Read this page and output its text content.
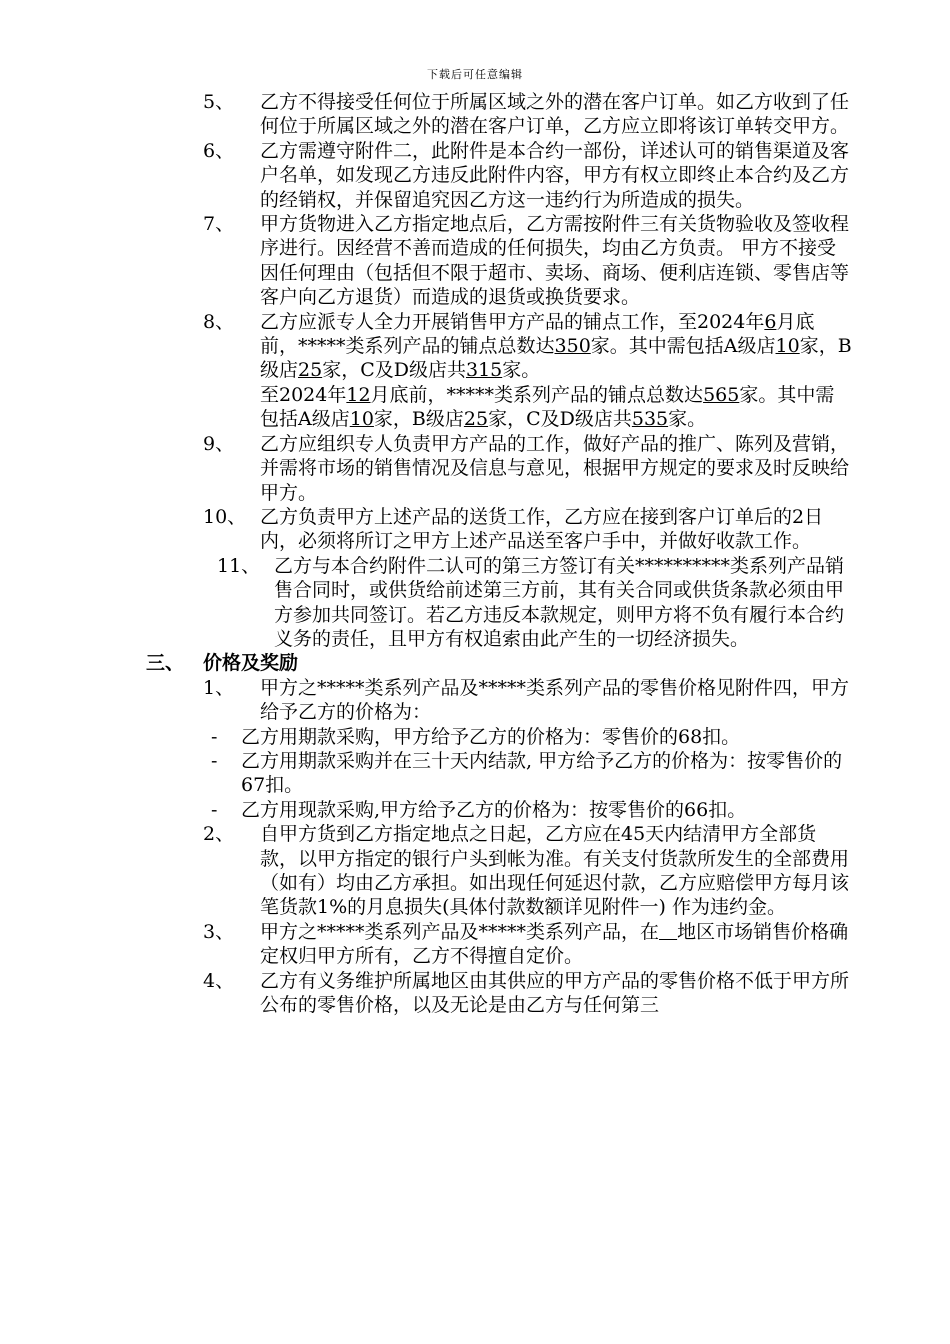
下载后可任意编辑
5、 乙方不得接受任何位于所属区域之外的潜在客户订单。如乙方收到了任何位于所属区域之外的潜在客户订单，乙方应立即将该订单转交甲方。

6、 乙方需遵守附件二，此附件是本合约一部份，详述认可的销售渠道及客户名单，如发现乙方违反此附件内容，甲方有权立即终止本合约及乙方的经销权，并保留追究因乙方这一违约行为所造成的损失。

7、 甲方货物进入乙方指定地点后，乙方需按附件三有关货物验收及签收程序进行。因经营不善而造成的任何损失，均由乙方负责。 甲方不接受因任何理由（包括但不限于超市、卖场、商场、便利店连锁、零售店等客户向乙方退货）而造成的退货或换货要求。

8、 乙方应派专人全力开展销售甲方产品的铺点工作，至2024年6月底前，*****类系列产品的铺点总数达350家。其中需包括A级店10家，B级店25家，C及D级店共315家。

至2024年12月底前，*****类系列产品的铺点总数达565家。其中需包括A级店10家，B级店25家，C及D级店共535家。

9、 乙方应组织专人负责甲方产品的工作，做好产品的推广、陈列及营销，并需将市场的销售情况及信息与意见，根据甲方规定的要求及时反映给甲方。

10、 乙方负责甲方上述产品的送货工作，乙方应在接到客户订单后的2日内，必须将所订之甲方上述产品送至客户手中，并做好收款工作。

11、 乙方与本合约附件二认可的第三方签订有关**********类系列产品销售合同时，或供货给前述第三方前，其有关合同或供货条款必须由甲方参加共同签订。若乙方违反本款规定，则甲方将不负有履行本合约义务的责任，且甲方有权追索由此产生的一切经济损失。

三、 价格及奖励

1、 甲方之*****类系列产品及*****类系列产品的零售价格见附件四，甲方给予乙方的价格为：

- 乙方用期款采购，甲方给予乙方的价格为：零售价的68扣。

- 乙方用期款采购并在三十天内结款, 甲方给予乙方的价格为：按零售价的67扣。

- 乙方用现款采购,甲方给予乙方的价格为：按零售价的66扣。

2、 自甲方货到乙方指定地点之日起，乙方应在45天内结清甲方全部货款，以甲方指定的银行户头到帐为准。有关支付货款所发生的全部费用（如有）均由乙方承担。如出现任何延迟付款，乙方应赔偿甲方每月该笔货款1%的月息损失(具体付款数额详见附件一) 作为违约金。

3、 甲方之*****类系列产品及*****类系列产品，在 地区市场销售价格确定权归甲方所有，乙方不得擅自定价。

4、 乙方有义务维护所属地区由其供应的甲方产品的零售价格不低于甲方所公布的零售价格，以及无论是由乙方与任何第三
